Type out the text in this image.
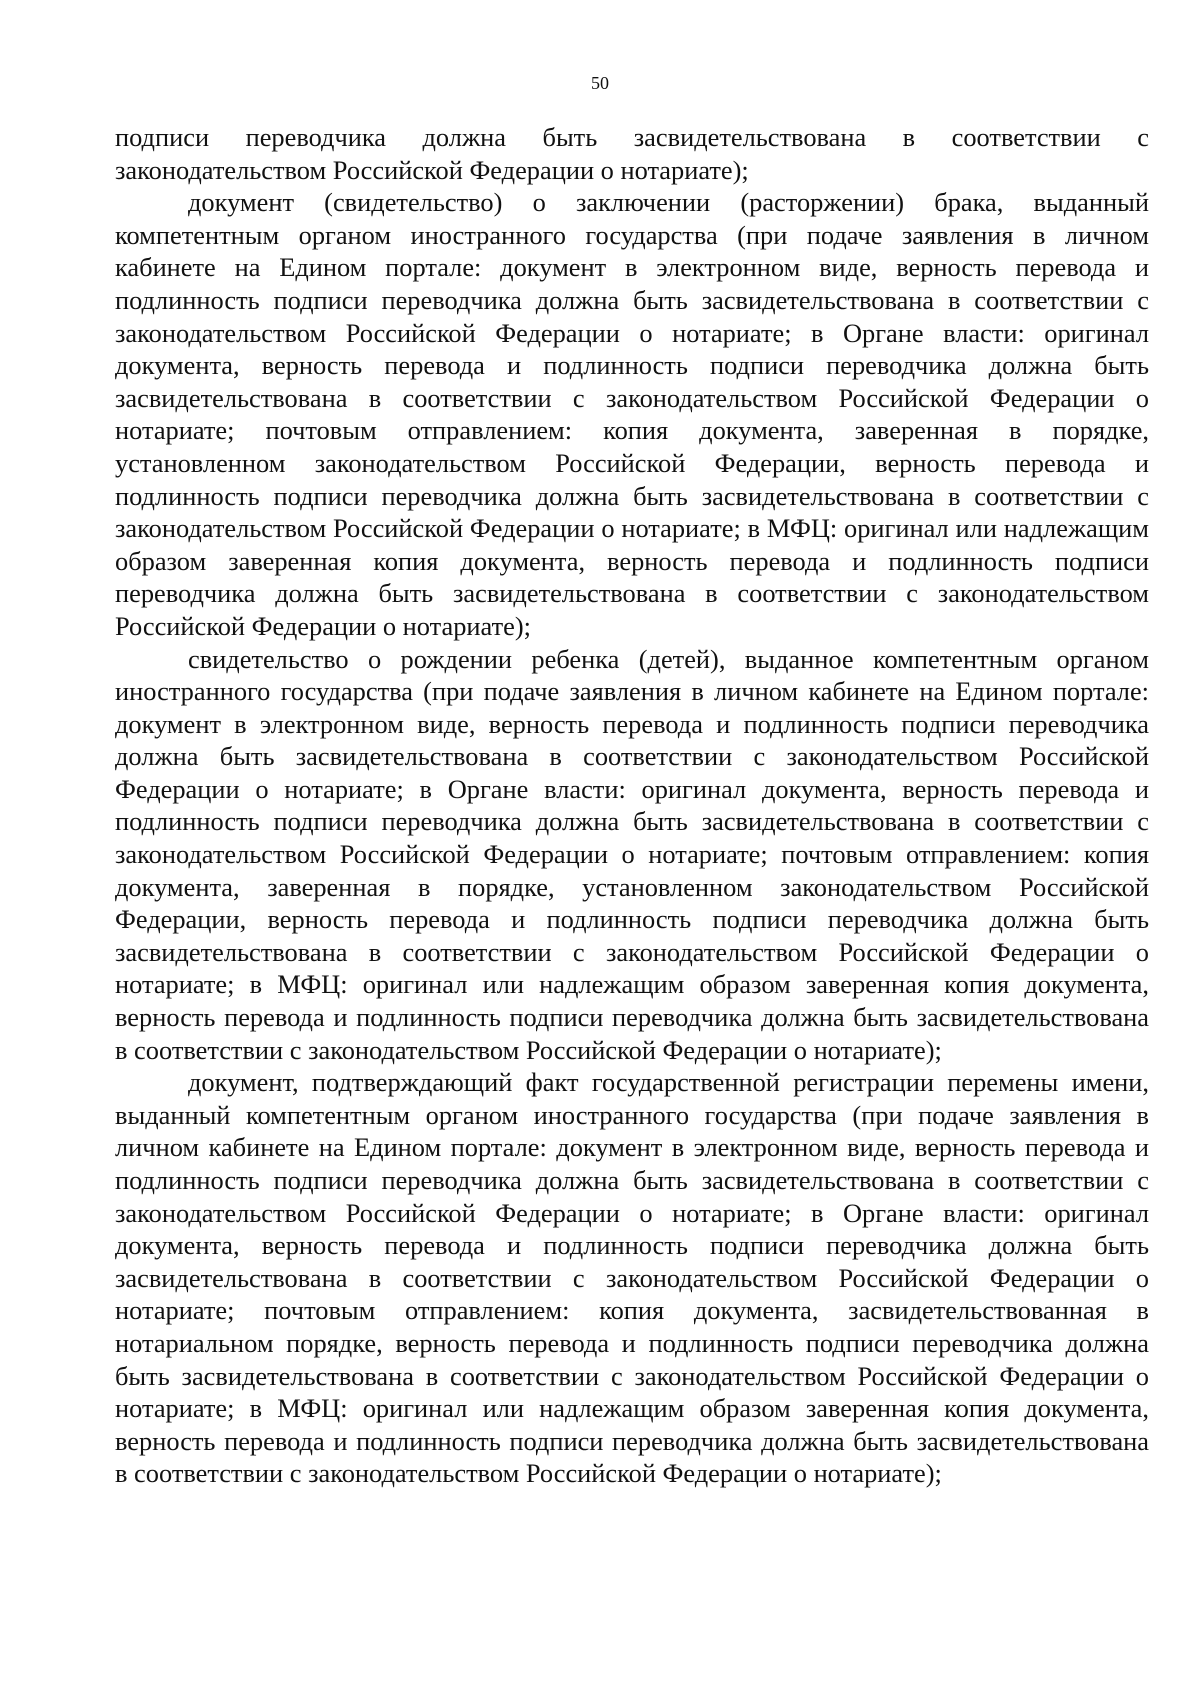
50

подписи переводчика должна быть засвидетельствована в соответствии с законодательством Российской Федерации о нотариате);

документ (свидетельство) о заключении (расторжении) брака, выданный компетентным органом иностранного государства (при подаче заявления в личном кабинете на Едином портале: документ в электронном виде, верность перевода и подлинность подписи переводчика должна быть засвидетельствована в соответствии с законодательством Российской Федерации о нотариате; в Органе власти: оригинал документа, верность перевода и подлинность подписи переводчика должна быть засвидетельствована в соответствии с законодательством Российской Федерации о нотариате; почтовым отправлением: копия документа, заверенная в порядке, установленном законодательством Российской Федерации, верность перевода и подлинность подписи переводчика должна быть засвидетельствована в соответствии с законодательством Российской Федерации о нотариате; в МФЦ: оригинал или надлежащим образом заверенная копия документа, верность перевода и подлинность подписи переводчика должна быть засвидетельствована в соответствии с законодательством Российской Федерации о нотариате);

свидетельство о рождении ребенка (детей), выданное компетентным органом иностранного государства (при подаче заявления в личном кабинете на Едином портале: документ в электронном виде, верность перевода и подлинность подписи переводчика должна быть засвидетельствована в соответствии с законодательством Российской Федерации о нотариате; в Органе власти: оригинал документа, верность перевода и подлинность подписи переводчика должна быть засвидетельствована в соответствии с законодательством Российской Федерации о нотариате; почтовым отправлением: копия документа, заверенная в порядке, установленном законодательством Российской Федерации, верность перевода и подлинность подписи переводчика должна быть засвидетельствована в соответствии с законодательством Российской Федерации о нотариате; в МФЦ: оригинал или надлежащим образом заверенная копия документа, верность перевода и подлинность подписи переводчика должна быть засвидетельствована в соответствии с законодательством Российской Федерации о нотариате);

документ, подтверждающий факт государственной регистрации перемены имени, выданный компетентным органом иностранного государства (при подаче заявления в личном кабинете на Едином портале: документ в электронном виде, верность перевода и подлинность подписи переводчика должна быть засвидетельствована в соответствии с законодательством Российской Федерации о нотариате; в Органе власти: оригинал документа, верность перевода и подлинность подписи переводчика должна быть засвидетельствована в соответствии с законодательством Российской Федерации о нотариате; почтовым отправлением: копия документа, засвидетельствованная в нотариальном порядке, верность перевода и подлинность подписи переводчика должна быть засвидетельствована в соответствии с законодательством Российской Федерации о нотариате; в МФЦ: оригинал или надлежащим образом заверенная копия документа, верность перевода и подлинность подписи переводчика должна быть засвидетельствована в соответствии с законодательством Российской Федерации о нотариате);
